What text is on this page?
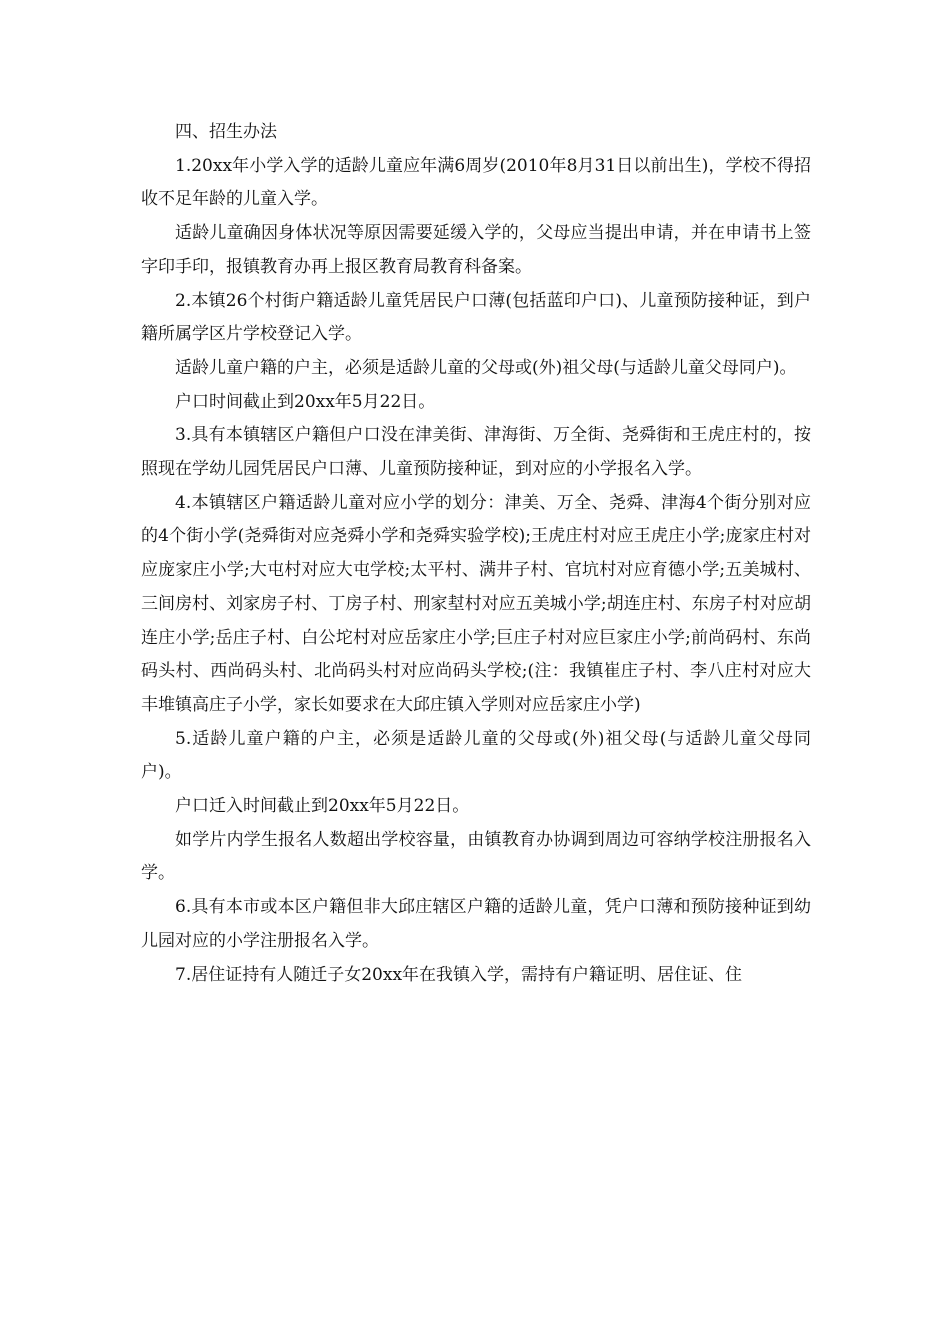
四、招生办法

1.20xx年小学入学的适龄儿童应年满6周岁(2010年8月31日以前出生)，学校不得招收不足年龄的儿童入学。

适龄儿童确因身体状况等原因需要延缓入学的，父母应当提出申请，并在申请书上签字印手印，报镇教育办再上报区教育局教育科备案。

2.本镇26个村街户籍适龄儿童凭居民户口薄(包括蓝印户口)、儿童预防接种证，到户籍所属学区片学校登记入学。

适龄儿童户籍的户主，必须是适龄儿童的父母或(外)祖父母(与适龄儿童父母同户)。

户口时间截止到20xx年5月22日。

3.具有本镇辖区户籍但户口没在津美街、津海街、万全街、尧舜街和王虎庄村的，按照现在学幼儿园凭居民户口薄、儿童预防接种证，到对应的小学报名入学。

4.本镇辖区户籍适龄儿童对应小学的划分：津美、万全、尧舜、津海4个街分别对应的4个街小学(尧舜街对应尧舜小学和尧舜实验学校);王虎庄村对应王虎庄小学;庞家庄村对应庞家庄小学;大屯村对应大屯学校;太平村、满井子村、官坑村对应育德小学;五美城村、三间房村、刘家房子村、丁房子村、刑家堼村对应五美城小学;胡连庄村、东房子村对应胡连庄小学;岳庄子村、白公坨村对应岳家庄小学;巨庄子村对应巨家庄小学;前尚码村、东尚码头村、西尚码头村、北尚码头村对应尚码头学校;(注：我镇崔庄子村、李八庄村对应大丰堆镇高庄子小学，家长如要求在大邱庄镇入学则对应岳家庄小学)

5.适龄儿童户籍的户主，必须是适龄儿童的父母或(外)祖父母(与适龄儿童父母同户)。

户口迁入时间截止到20xx年5月22日。

如学片内学生报名人数超出学校容量，由镇教育办协调到周边可容纳学校注册报名入学。

6.具有本市或本区户籍但非大邱庄辖区户籍的适龄儿童，凭户口薄和预防接种证到幼儿园对应的小学注册报名入学。

7.居住证持有人随迁子女20xx年在我镇入学，需持有户籍证明、居住证、住
